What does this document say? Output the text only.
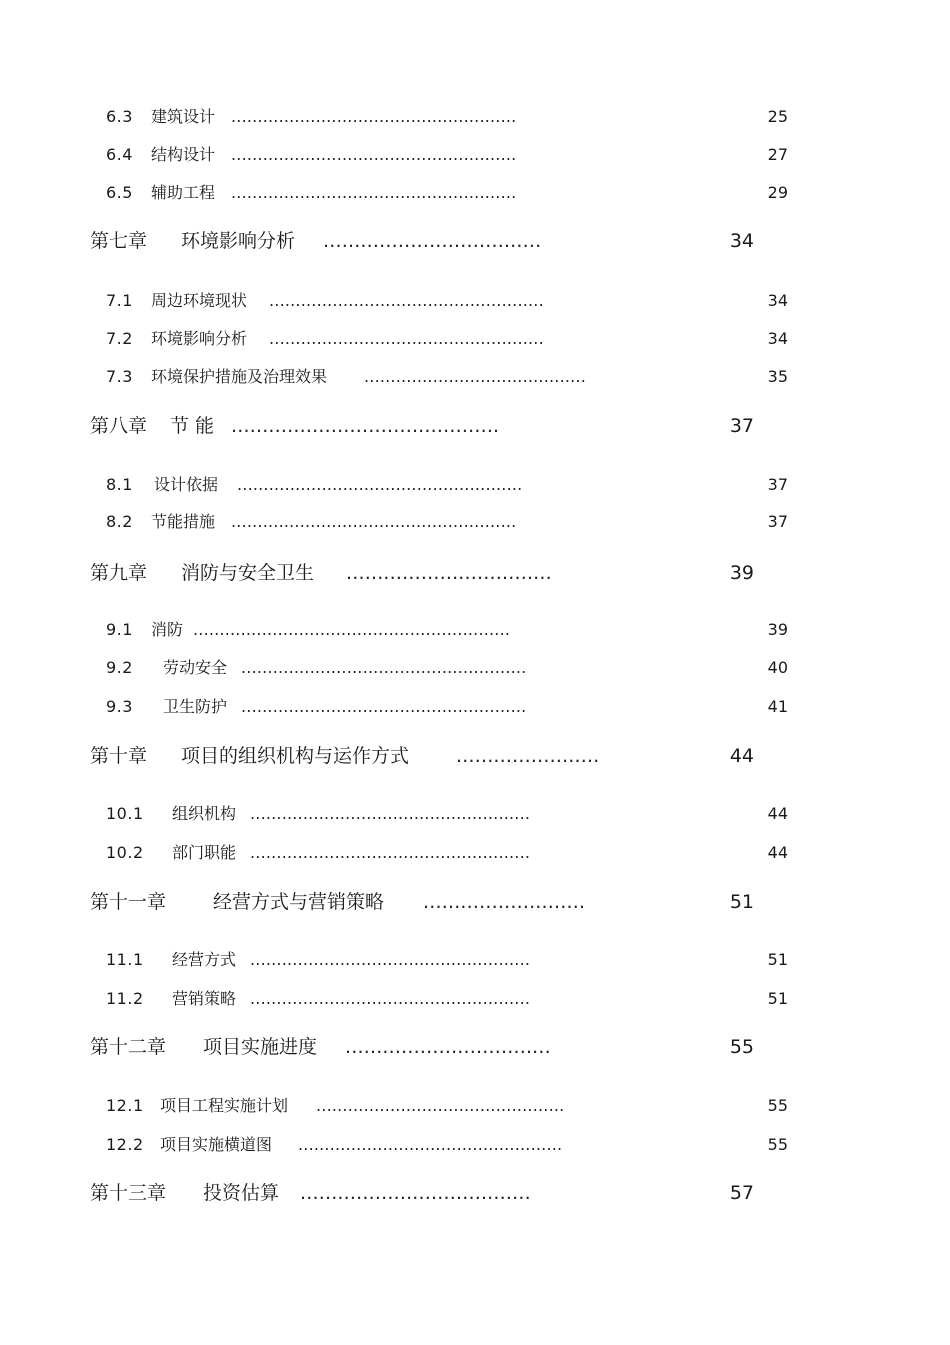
6.3 建筑设计 ......................................................	25
6.4 结构设计 ......................................................	27
6.5 辅助工程 ......................................................	29
第七章 环境影响分析 ...................................	34
7.1 周边环境现状 ....................................................	34
7.2 环境影响分析 ....................................................	34
7.3 环境保护措施及治理效果 ..........................................	35
第八章 节 能 ...........................................	37
8.1 设计依据 ......................................................	37
8.2 节能措施 ......................................................	37
第九章 消防与安全卫生 .................................	39
9.1 消防 ............................................................	39
9.2 劳动安全 ......................................................	40
9.3 卫生防护 ......................................................	41
第十章 项目的组织机构与运作方式 .......................	44
10.1 组织机构 .....................................................	44
10.2 部门职能 .....................................................	44
第十一章 经营方式与营销策略 ..........................	51
11.1 经营方式 .....................................................	51
11.2 营销策略 .....................................................	51
第十二章 项目实施进度 .................................	55
12.1 项目工程实施计划 ...............................................	55
12.2 项目实施横道图 ..................................................	55
第十三章 投资估算 .....................................	57
